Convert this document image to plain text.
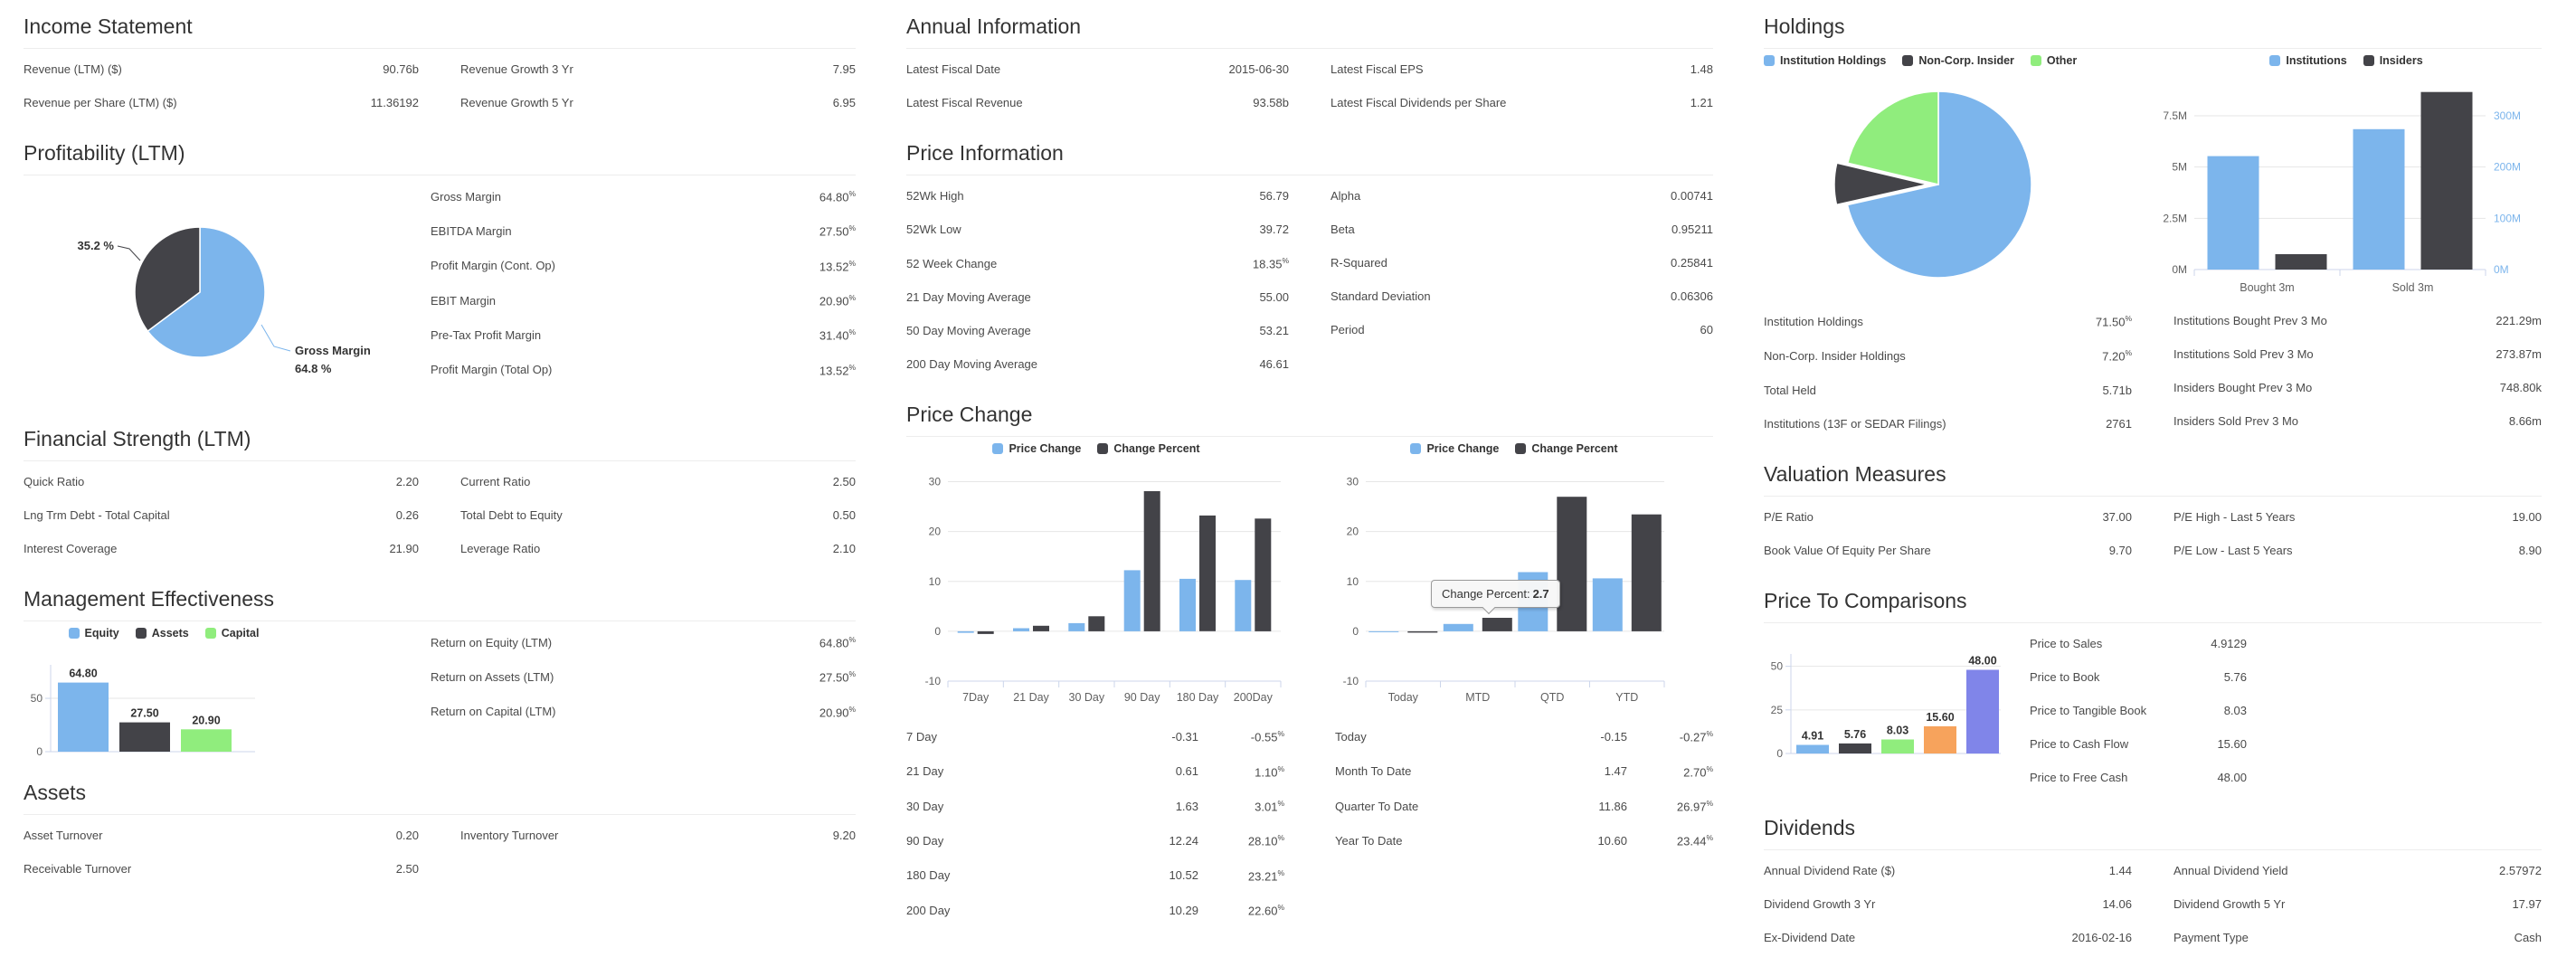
Income Statement
Revenue (LTM) ($)	90.76b
Revenue per Share (LTM) ($)	11.36192
Revenue Growth 3 Yr	7.95
Revenue Growth 5 Yr	6.95
Profitability (LTM)
35.2 %
Gross Margin
64.8 %
Gross Margin	64.80%
EBITDA Margin	27.50%
Profit Margin (Cont. Op)	13.52%
EBIT Margin	20.90%
Pre-Tax Profit Margin	31.40%
Profit Margin (Total Op)	13.52%
Financial Strength (LTM)
Quick Ratio	2.20
Lng Trm Debt - Total Capital	0.26
Interest Coverage	21.90
Current Ratio	2.50
Total Debt to Equity	0.50
Leverage Ratio	2.10
Management Effectiveness
Equity	Assets	Capital
0
50
64.80
27.50
20.90
Return on Equity (LTM)	64.80%
Return on Assets (LTM)	27.50%
Return on Capital (LTM)	20.90%
Assets
Asset Turnover	0.20
Receivable Turnover	2.50
Inventory Turnover	9.20
Annual Information
Latest Fiscal Date	2015-06-30
Latest Fiscal Revenue	93.58b
Latest Fiscal EPS	1.48
Latest Fiscal Dividends per Share	1.21
Price Information
52Wk High	56.79
52Wk Low	39.72
52 Week Change	18.35%
21 Day Moving Average	55.00
50 Day Moving Average	53.21
200 Day Moving Average	46.61
Alpha	0.00741
Beta	0.95211
R-Squared	0.25841
Standard Deviation	0.06306
Period	60
Price Change
Price Change	Change Percent
-10
0
10
20
30
7Day 21 Day 30 Day 90 Day 180 Day 200Day
Price Change	Change Percent
-10
0
10
20
30
Today	MTD	QTD	YTD
Change Percent: 2.7
7 Day	-0.31	-0.55%
21 Day	0.61	1.10%
30 Day	1.63	3.01%
90 Day	12.24	28.10%
180 Day	10.52	23.21%
200 Day	10.29	22.60%
Today	-0.15	-0.27%
Month To Date	1.47	2.70%
Quarter To Date	11.86	26.97%
Year To Date	10.60	23.44%
Holdings
Institution Holdings	Non-Corp. Insider	Other	Institutions	Insiders
0M	0M
2.5M	100M
5M	200M
7.5M	300M
Bought 3m	Sold 3m
Institution Holdings	71.50%
Non-Corp. Insider Holdings	7.20%
Total Held	5.71b
Institutions (13F or SEDAR Filings)	2761
Institutions Bought Prev 3 Mo	221.29m
Institutions Sold Prev 3 Mo	273.87m
Insiders Bought Prev 3 Mo	748.80k
Insiders Sold Prev 3 Mo	8.66m
Valuation Measures
P/E Ratio	37.00
Book Value Of Equity Per Share	9.70
P/E High - Last 5 Years	19.00
P/E Low - Last 5 Years	8.90
Price To Comparisons
0
25
50
4.91 5.76 8.03
15.60
48.00
Price to Sales	4.9129
Price to Book	5.76
Price to Tangible Book	8.03
Price to Cash Flow	15.60
Price to Free Cash	48.00
Dividends
Annual Dividend Rate ($)	1.44
Dividend Growth 3 Yr	14.06
Ex-Dividend Date	2016-02-16
Annual Dividend Yield	2.57972
Dividend Growth 5 Yr	17.97
Payment Type	Cash
